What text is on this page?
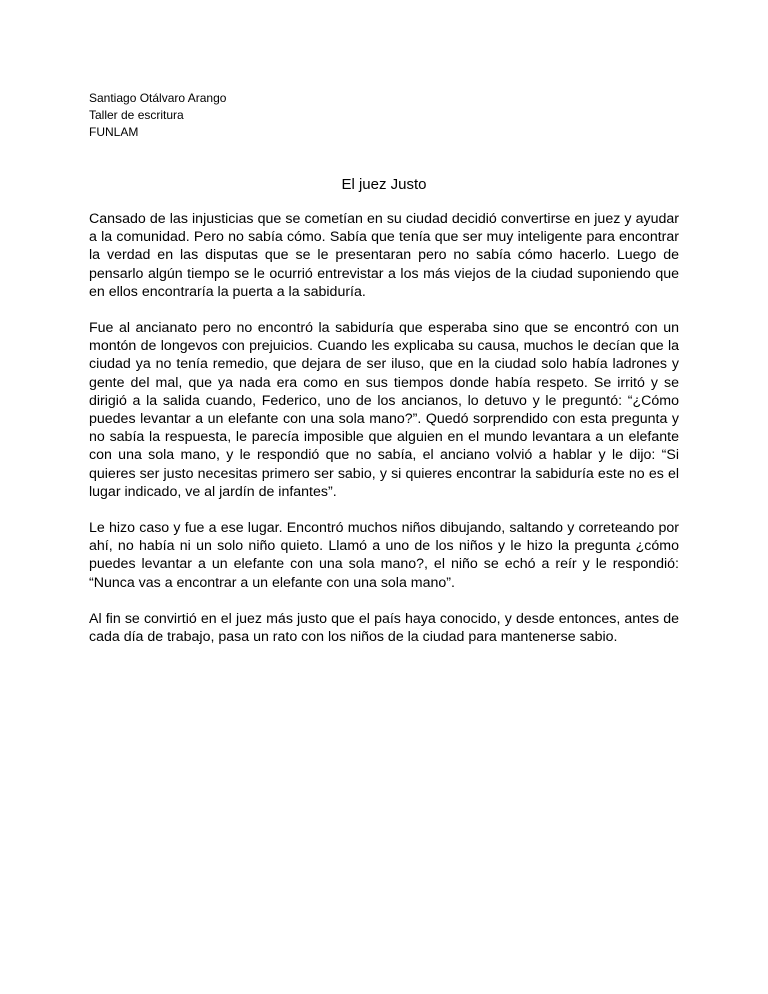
Santiago Otálvaro Arango
Taller de escritura
FUNLAM
El juez Justo

Cansado de las injusticias que se cometían en su ciudad decidió convertirse en juez y ayudar a la comunidad. Pero no sabía cómo. Sabía que tenía que ser muy inteligente para encontrar la verdad en las disputas que se le presentaran pero no sabía cómo hacerlo. Luego de pensarlo algún tiempo se le ocurrió entrevistar a los más viejos de la ciudad suponiendo que en ellos encontraría la puerta a la sabiduría.

Fue al ancianato pero no encontró la sabiduría que esperaba sino que se encontró con un montón de longevos con prejuicios. Cuando les explicaba su causa, muchos le decían que la ciudad ya no tenía remedio, que dejara de ser iluso, que en la ciudad solo había ladrones y gente del mal, que ya nada era como en sus tiempos donde había respeto. Se irritó y se dirigió a la salida cuando, Federico, uno de los ancianos, lo detuvo y le preguntó: “¿Cómo puedes levantar a un elefante con una sola mano?”. Quedó sorprendido con esta pregunta y no sabía la respuesta, le parecía imposible que alguien en el mundo levantara a un elefante con una sola mano, y le respondió que no sabía, el anciano volvió a hablar y le dijo: “Si quieres ser justo necesitas primero ser sabio, y si quieres encontrar la sabiduría este no es el lugar indicado, ve al jardín de infantes”.

Le hizo caso y fue a ese lugar. Encontró muchos niños dibujando, saltando y correteando por ahí, no había ni un solo niño quieto. Llamó a uno de los niños y le hizo la pregunta ¿cómo puedes levantar a un elefante con una sola mano?, el niño se echó a reír y le respondió: “Nunca vas a encontrar a un elefante con una sola mano”.

Al fin se convirtió en el juez más justo que el país haya conocido, y desde entonces, antes de cada día de trabajo, pasa un rato con los niños de la ciudad para mantenerse sabio.
